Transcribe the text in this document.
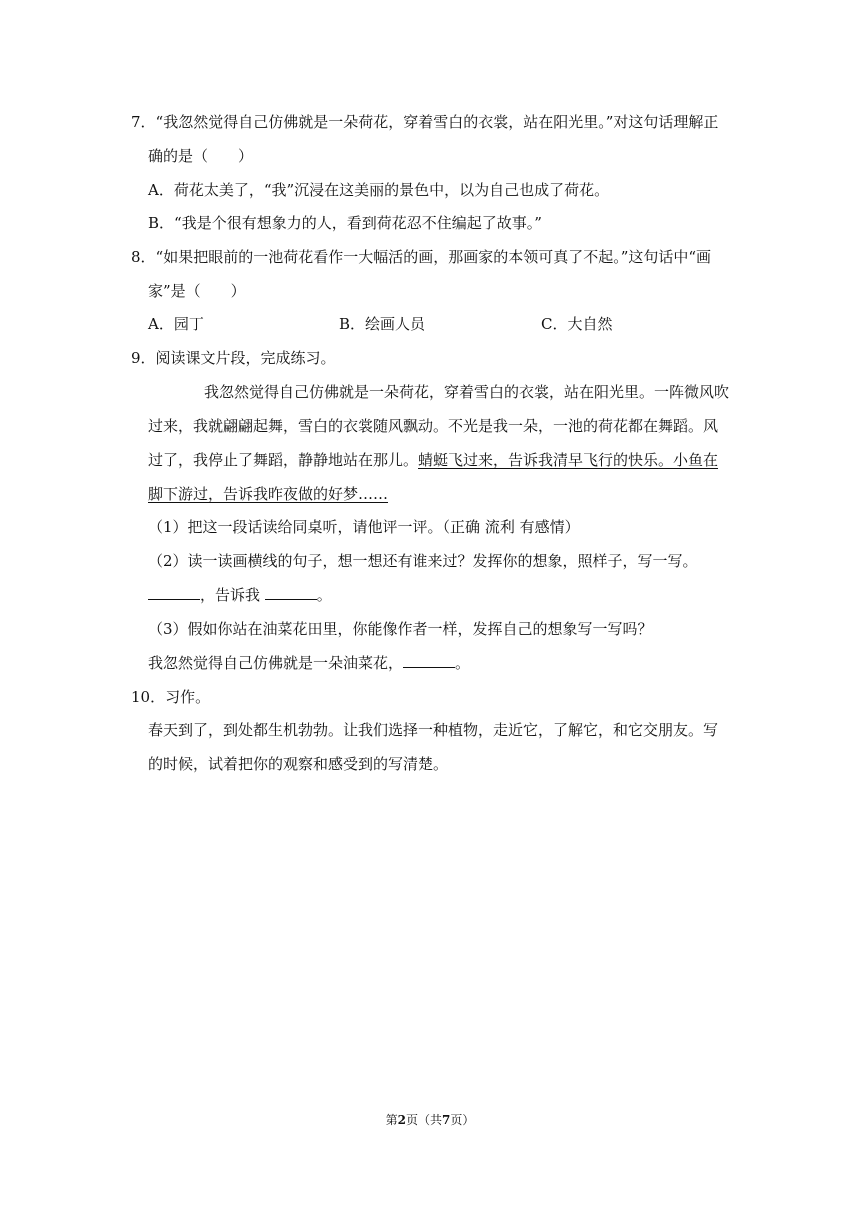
7．“我忽然觉得自己仿佛就是一朵荷花，穿着雪白的衣裳，站在阳光里。”对这句话理解正
确的是（　　）
A．荷花太美了，“我”沉浸在这美丽的景色中，以为自己也成了荷花。
B．“我是个很有想象力的人，看到荷花忍不住编起了故事。”
8．“如果把眼前的一池荷花看作一大幅活的画，那画家的本领可真了不起。”这句话中“画
家”是（　　）
A．园丁	B．绘画人员	C．大自然
9．阅读课文片段，完成练习。
我忽然觉得自己仿佛就是一朵荷花，穿着雪白的衣裳，站在阳光里。一阵微风吹
过来，我就翩翩起舞，雪白的衣裳随风飘动。不光是我一朵，一池的荷花都在舞蹈。风
过了，我停止了舞蹈，静静地站在那儿。蜻蜓飞过来，告诉我清早飞行的快乐。小鱼在
脚下游过，告诉我昨夜做的好梦……
（1）把这一段话读给同桌听，请他评一评。（正确 流利 有感情）
（2）读一读画横线的句子，想一想还有谁来过？发挥你的想象，照样子，写一写。
，告诉我	。
（3）假如你站在油菜花田里，你能像作者一样，发挥自己的想象写一写吗？
我忽然觉得自己仿佛就是一朵油菜花，	。
10．习作。
春天到了，到处都生机勃勃。让我们选择一种植物，走近它，了解它，和它交朋友。写
的时候，试着把你的观察和感受到的写清楚。
第2页（共7页）
